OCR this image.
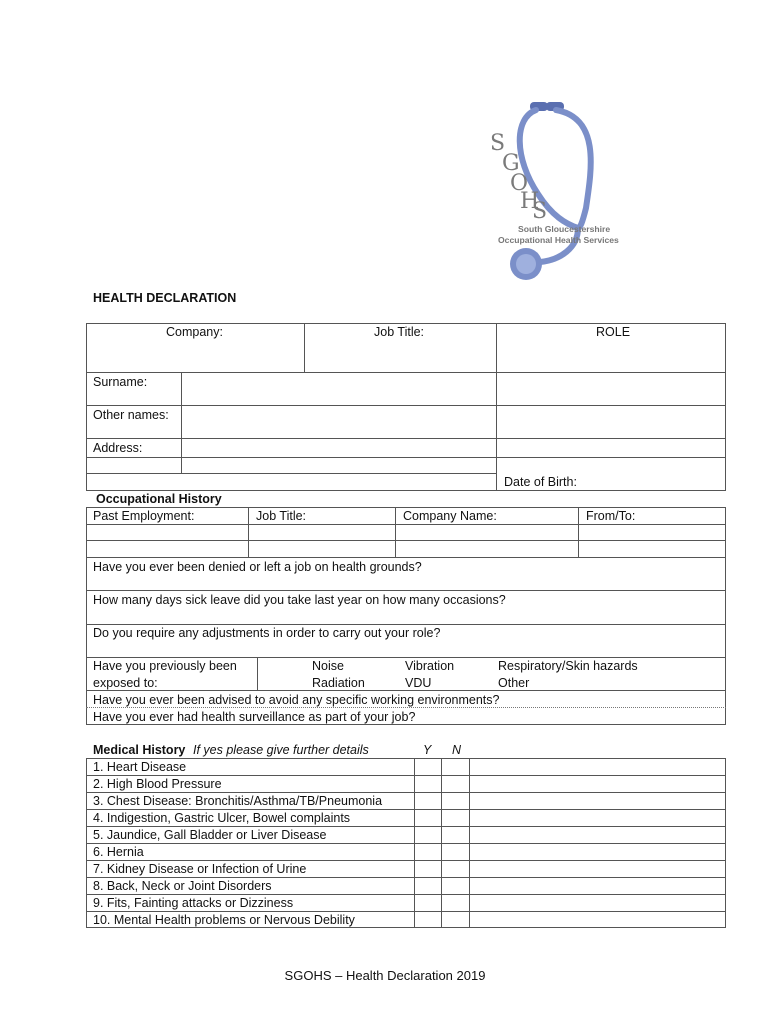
S
G
O
H
S
South Gloucestershire
Occupational Health Services
HEALTH DECLARATION
Company:	Job Title:	ROLE
Surname:
Other names:
Address:
Date of Birth:
Occupational History
Past Employment:	Job Title:	Company Name:	From/To:
Have you ever been denied or left a job on health grounds?
How many days sick leave did you take last year on how many occasions?
Do you require any adjustments in order to carry out your role?
Have you previously been
exposed to:
Noise	Vibration	Respiratory/Skin hazards
Radiation	VDU	Other
Have you ever been advised to avoid any specific working environments?
Have you ever had health surveillance as part of your job?
Medical History If yes please give further details	Y N
1. Heart Disease
2. High Blood Pressure
3. Chest Disease: Bronchitis/Asthma/TB/Pneumonia
4. Indigestion, Gastric Ulcer, Bowel complaints
5. Jaundice, Gall Bladder or Liver Disease
6. Hernia
7. Kidney Disease or Infection of Urine
8. Back, Neck or Joint Disorders
9. Fits, Fainting attacks or Dizziness
10. Mental Health problems or Nervous Debility
SGOHS – Health Declaration 2019
